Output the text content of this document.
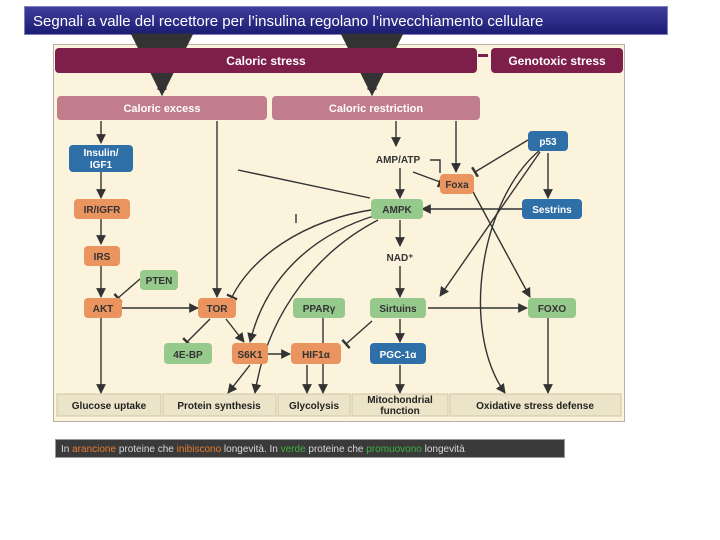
Segnali a valle del recettore per l’insulina regolano l’invecchiamento cellulare
Caloric stress	Genotoxic stress
Caloric excess	Caloric restriction
Insulin/
IGF1
p53
Sestrins
PGC-1α
IR/IGFR
IRS
AKT	TOR
S6K1	HIF1α
Foxa
PTEN
4E-BP
PPARγ
AMPK
Sirtuins	FOXO
AMP/ATP
NAD⁺
Glucose uptake	Protein synthesis	Glycolysis
Mitochondrial
function	Oxidative stress defense
In arancione proteine che inibiscono longevità. In verde proteine che promuovono longevità
